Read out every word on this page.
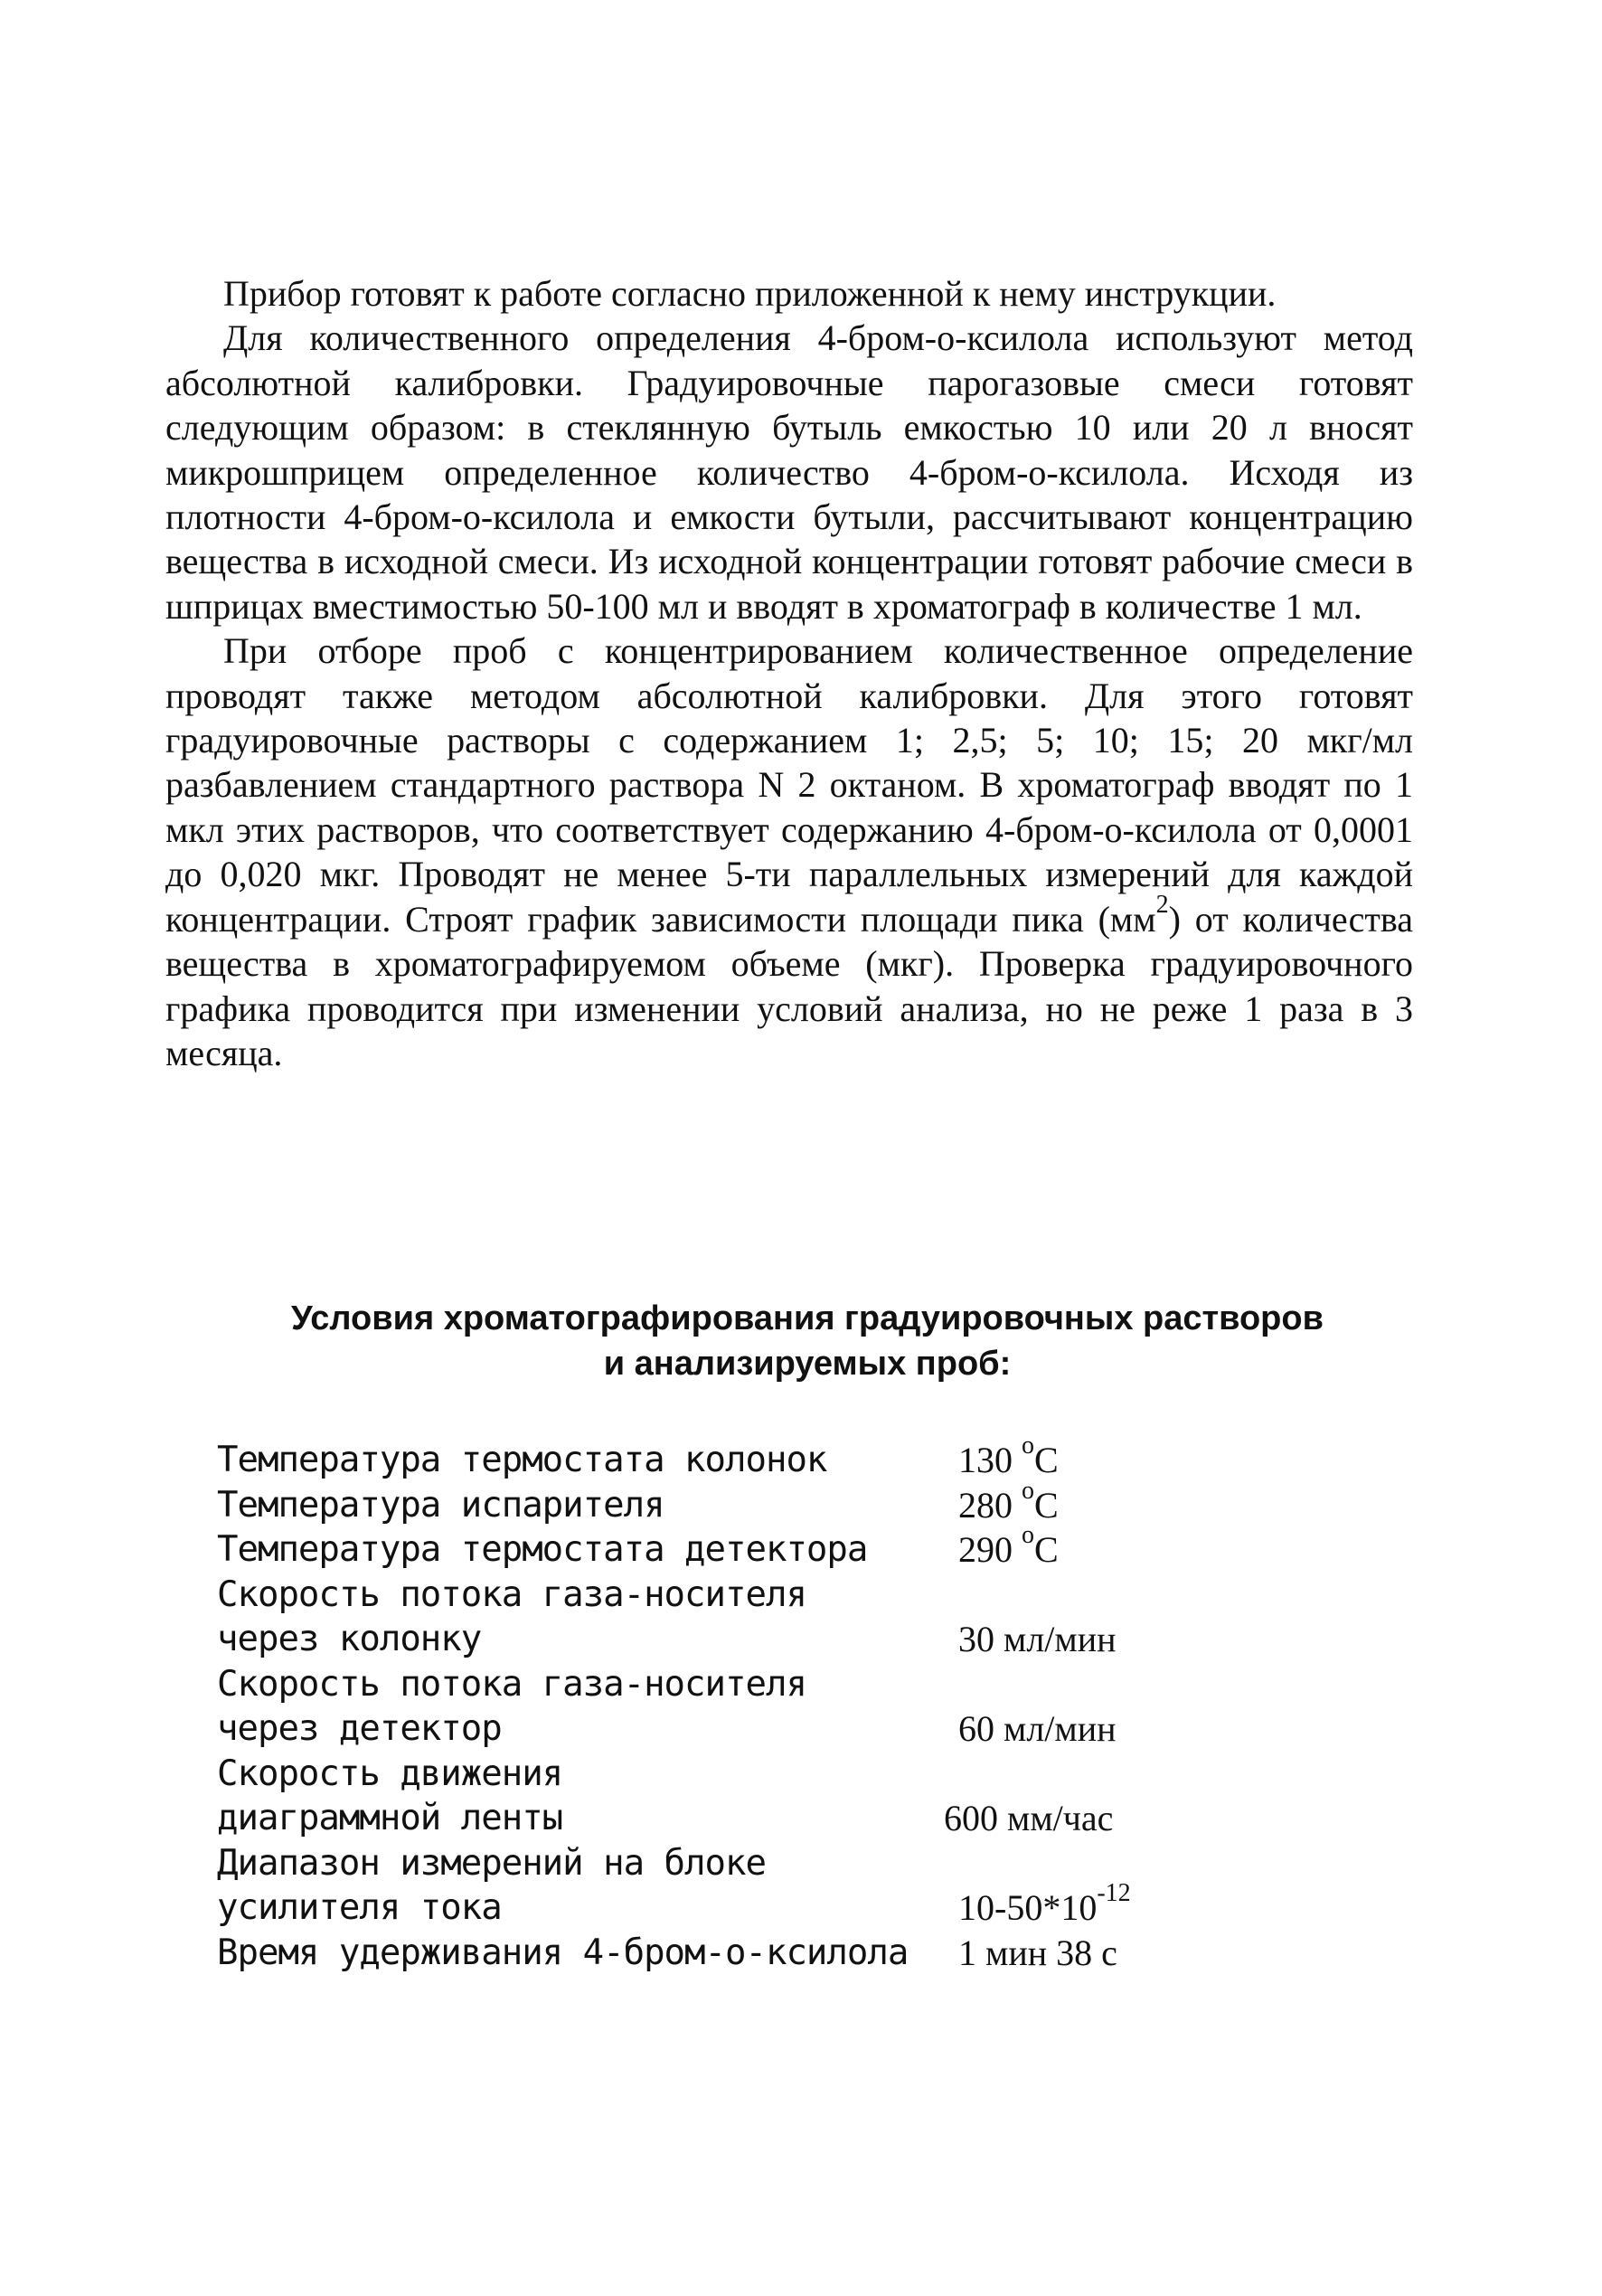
Прибор готовят к работе согласно приложенной к нему инструкции.

Для количественного определения 4-бром-о-ксилола используют метод абсолютной калибровки. Градуировочные парогазовые смеси готовят следующим образом: в стеклянную бутыль емкостью 10 или 20 л вносят микрошприцем определенное количество 4-бром-о-ксилола. Исходя из плотности 4-бром-о-ксилола и емкости бутыли, рассчитывают концентрацию вещества в исходной смеси. Из исходной концентрации готовят рабочие смеси в шприцах вместимостью 50-100 мл и вводят в хроматограф в количестве 1 мл.

При отборе проб с концентрированием количественное определение проводят также методом абсолютной калибровки. Для этого готовят градуировочные растворы с содержанием 1; 2,5; 5; 10; 15; 20 мкг/мл разбавлением стандартного раствора N 2 октаном. В хроматограф вводят по 1 мкл этих растворов, что соответствует содержанию 4-бром-о-ксилола от 0,0001 до 0,020 мкг. Проводят не менее 5-ти параллельных измерений для каждой концентрации. Строят график зависимости площади пика $(мм^2)$ от количества вещества в хроматографируемом объеме (мкг). Проверка градуировочного графика проводится при изменении условий анализа, но не реже 1 раза в 3 месяца.

Условия хроматографирования градуировочных растворов
и анализируемых проб:
Температура термостата колонок	130 $^о$С
Температура испарителя	280 $^о$С
Температура термостата детектора	290 $^о$С
Скорость потока газа-носителя
через колонку	30 мл/мин
Скорость потока газа-носителя
через детектор	60 мл/мин
Скорость движения
диаграммной ленты	600 мм/час
Диапазон измерений на блоке
усилителя тока	$10-50*10^{-12}$
Время удерживания 4-бром-о-ксилола	1 мин 38 с
